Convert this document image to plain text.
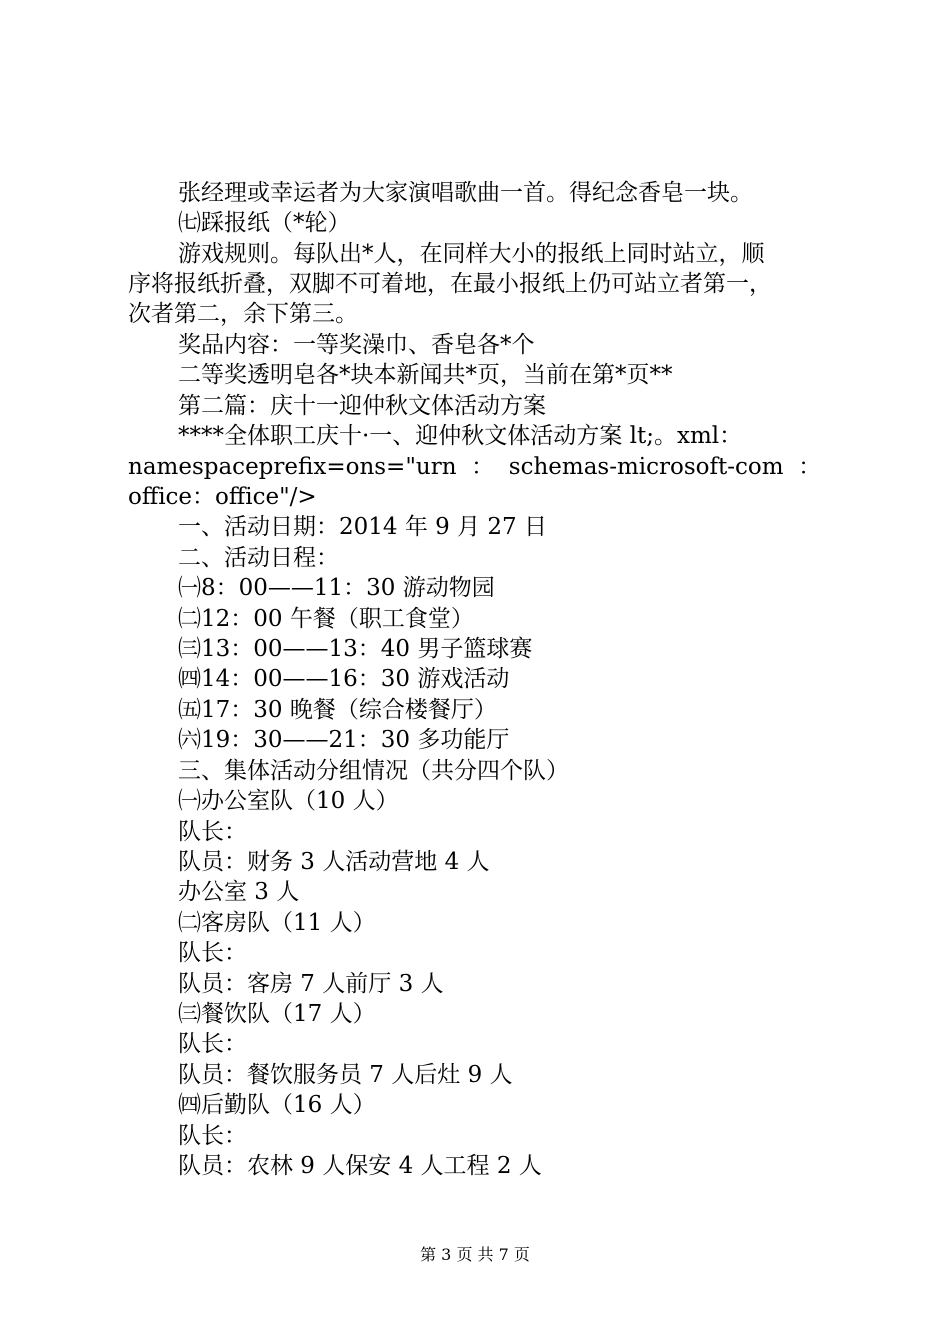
张经理或幸运者为大家演唱歌曲一首。得纪念香皂一块。
㈦踩报纸（*轮）
游戏规则。每队出*人，在同样大小的报纸上同时站立，顺
序将报纸折叠，双脚不可着地，在最小报纸上仍可站立者第一，
次者第二，余下第三。
奖品内容：一等奖澡巾、香皂各*个
二等奖透明皂各*块本新闻共*页，当前在第*页**
第二篇：庆十一迎仲秋文体活动方案
****全体职工庆十·一、迎仲秋文体活动方案 lt;。xml：
namespaceprefix=ons="urn  ：  schemas-microsoft-com  ：
office：office"/>
一、活动日期：2014 年 9 月 27 日
二、活动日程：
㈠8：00——11：30 游动物园
㈡12：00 午餐（职工食堂）
㈢13：00——13：40 男子篮球赛
㈣14：00——16：30 游戏活动
㈤17：30 晚餐（综合楼餐厅）
㈥19：30——21：30 多功能厅
三、集体活动分组情况（共分四个队）
㈠办公室队（10 人）
队长：
队员：财务 3 人活动营地 4 人
办公室 3 人
㈡客房队（11 人）
队长：
队员：客房 7 人前厅 3 人
㈢餐饮队（17 人）
队长：
队员：餐饮服务员 7 人后灶 9 人
㈣后勤队（16 人）
队长：
队员：农林 9 人保安 4 人工程 2 人
第 3 页 共 7 页
